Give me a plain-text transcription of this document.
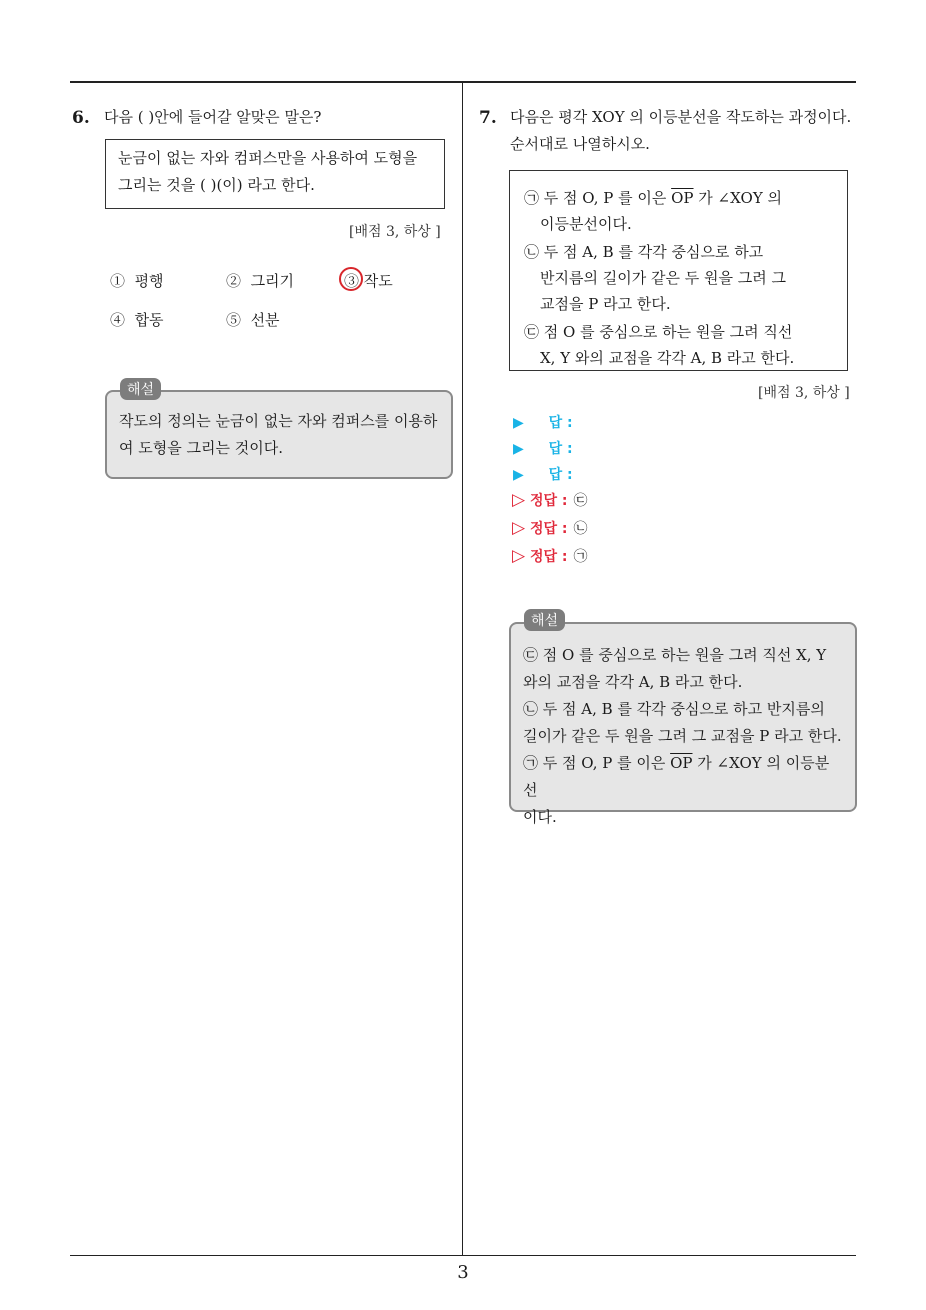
6. 다음 ( )안에 들어갈 알맞은 말은?
눈금이 없는 자와 컴퍼스만을 사용하여 도형을
그리는 것을 ( )(이) 라고 한다.
[배점 3, 하상 ]
① 평행	② 그리기	③ 작도
④ 합동	⑤ 선분
작도의 정의는 눈금이 없는 자와 컴퍼스를 이용하
여 도형을 그리는 것이다.
해설
7. 다음은 평각 XOY 의 이등분선을 작도하는 과정이다.
순서대로 나열하시오.
㉠ 두 점 O, P 를 이은 $\overline{OP}$ 가 ∠XOY 의
이등분선이다.
㉡ 두 점 A, B 를 각각 중심으로 하고
반지름의 길이가 같은 두 원을 그려 그
교점을 P 라고 한다.
㉢ 점 O 를 중심으로 하는 원을 그려 직선
X, Y 와의 교점을 각각 A, B 라고 한다.
[배점 3, 하상 ]
▶ 답 :
▶ 답 :
▶ 답 :
▷ 정답 : ㉢
▷ 정답 : ㉡
▷ 정답 : ㉠
㉢ 점 O 를 중심으로 하는 원을 그려 직선 X, Y
와의 교점을 각각 A, B 라고 한다.
㉡ 두 점 A, B 를 각각 중심으로 하고 반지름의
길이가 같은 두 원을 그려 그 교점을 P 라고 한다.
㉠ 두 점 O, P 를 이은 $\overline{OP}$ 가 ∠XOY 의 이등분선
이다.
해설
3
